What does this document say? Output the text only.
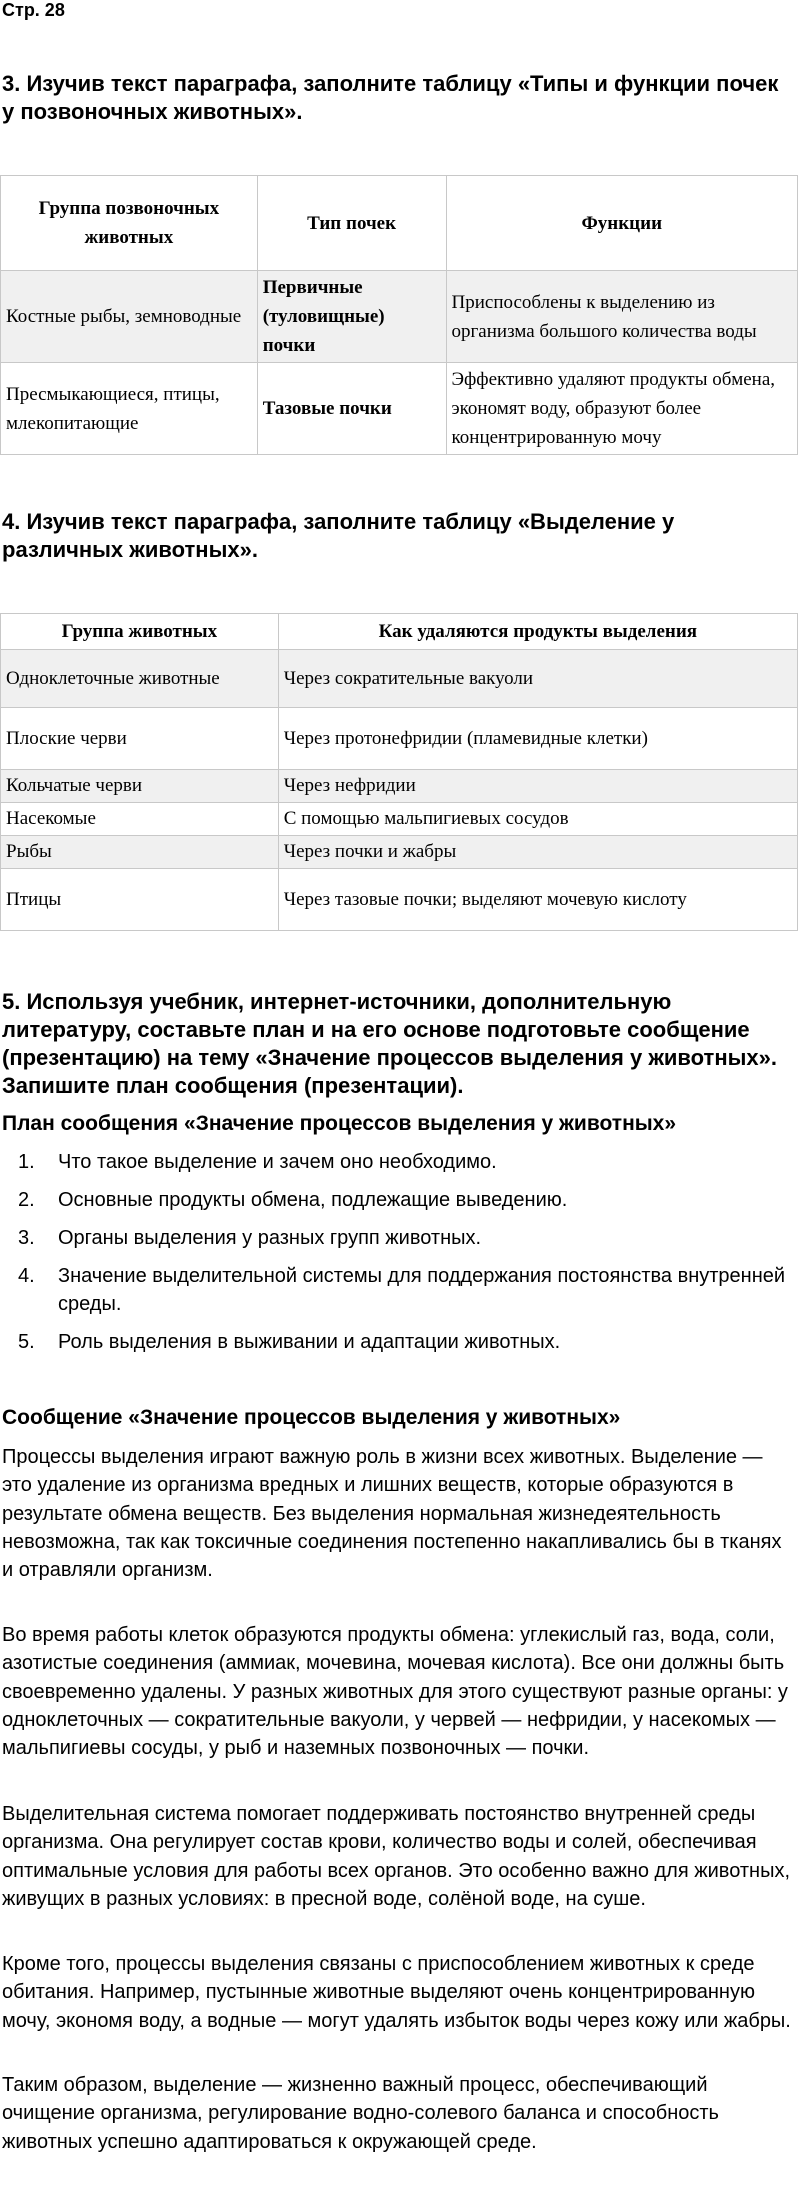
Стр. 28
3. Изучив текст параграфа, заполните таблицу «Типы и функции почек у позвоночных животных».
Группа позвоночных животных	Тип почек	Функции
Костные рыбы, земноводные	Первичные (туловищные) почки	Приспособлены к выделению из организма большого количества воды
Пресмыкающиеся, птицы, млекопитающие	Тазовые почки	Эффективно удаляют продукты обмена, экономят воду, образуют более концентрированную мочу
4. Изучив текст параграфа, заполните таблицу «Выделение у различных животных».
Группа животных	Как удаляются продукты выделения
Одноклеточные животные	Через сократительные вакуоли
Плоские черви	Через протонефридии (пламевидные клетки)
Кольчатые черви	Через нефридии
Насекомые	С помощью мальпигиевых сосудов
Рыбы	Через почки и жабры
Птицы	Через тазовые почки; выделяют мочевую кислоту
5. Используя учебник, интернет-источники, дополнительную литературу, составьте план и на его основе подготовьте сообщение (презентацию) на тему «Значение процессов выделения у животных». Запишите план сообщения (презентации).
План сообщения «Значение процессов выделения у животных»
1. Что такое выделение и зачем оно необходимо.
2. Основные продукты обмена, подлежащие выведению.
3. Органы выделения у разных групп животных.
4. Значение выделительной системы для поддержания постоянства внутренней среды.
5. Роль выделения в выживании и адаптации животных.
Сообщение «Значение процессов выделения у животных»

Процессы выделения играют важную роль в жизни всех животных. Выделение — это удаление из организма вредных и лишних веществ, которые образуются в результате обмена веществ. Без выделения нормальная жизнедеятельность невозможна, так как токсичные соединения постепенно накапливались бы в тканях и отравляли организм.

Во время работы клеток образуются продукты обмена: углекислый газ, вода, соли, азотистые соединения (аммиак, мочевина, мочевая кислота). Все они должны быть своевременно удалены. У разных животных для этого существуют разные органы: у одноклеточных — сократительные вакуоли, у червей — нефридии, у насекомых — мальпигиевы сосуды, у рыб и наземных позвоночных — почки.

Выделительная система помогает поддерживать постоянство внутренней среды организма. Она регулирует состав крови, количество воды и солей, обеспечивая оптимальные условия для работы всех органов. Это особенно важно для животных, живущих в разных условиях: в пресной воде, солёной воде, на суше.

Кроме того, процессы выделения связаны с приспособлением животных к среде обитания. Например, пустынные животные выделяют очень концентрированную мочу, экономя воду, а водные — могут удалять избыток воды через кожу или жабры.

Таким образом, выделение — жизненно важный процесс, обеспечивающий очищение организма, регулирование водно-солевого баланса и способность животных успешно адаптироваться к окружающей среде.
